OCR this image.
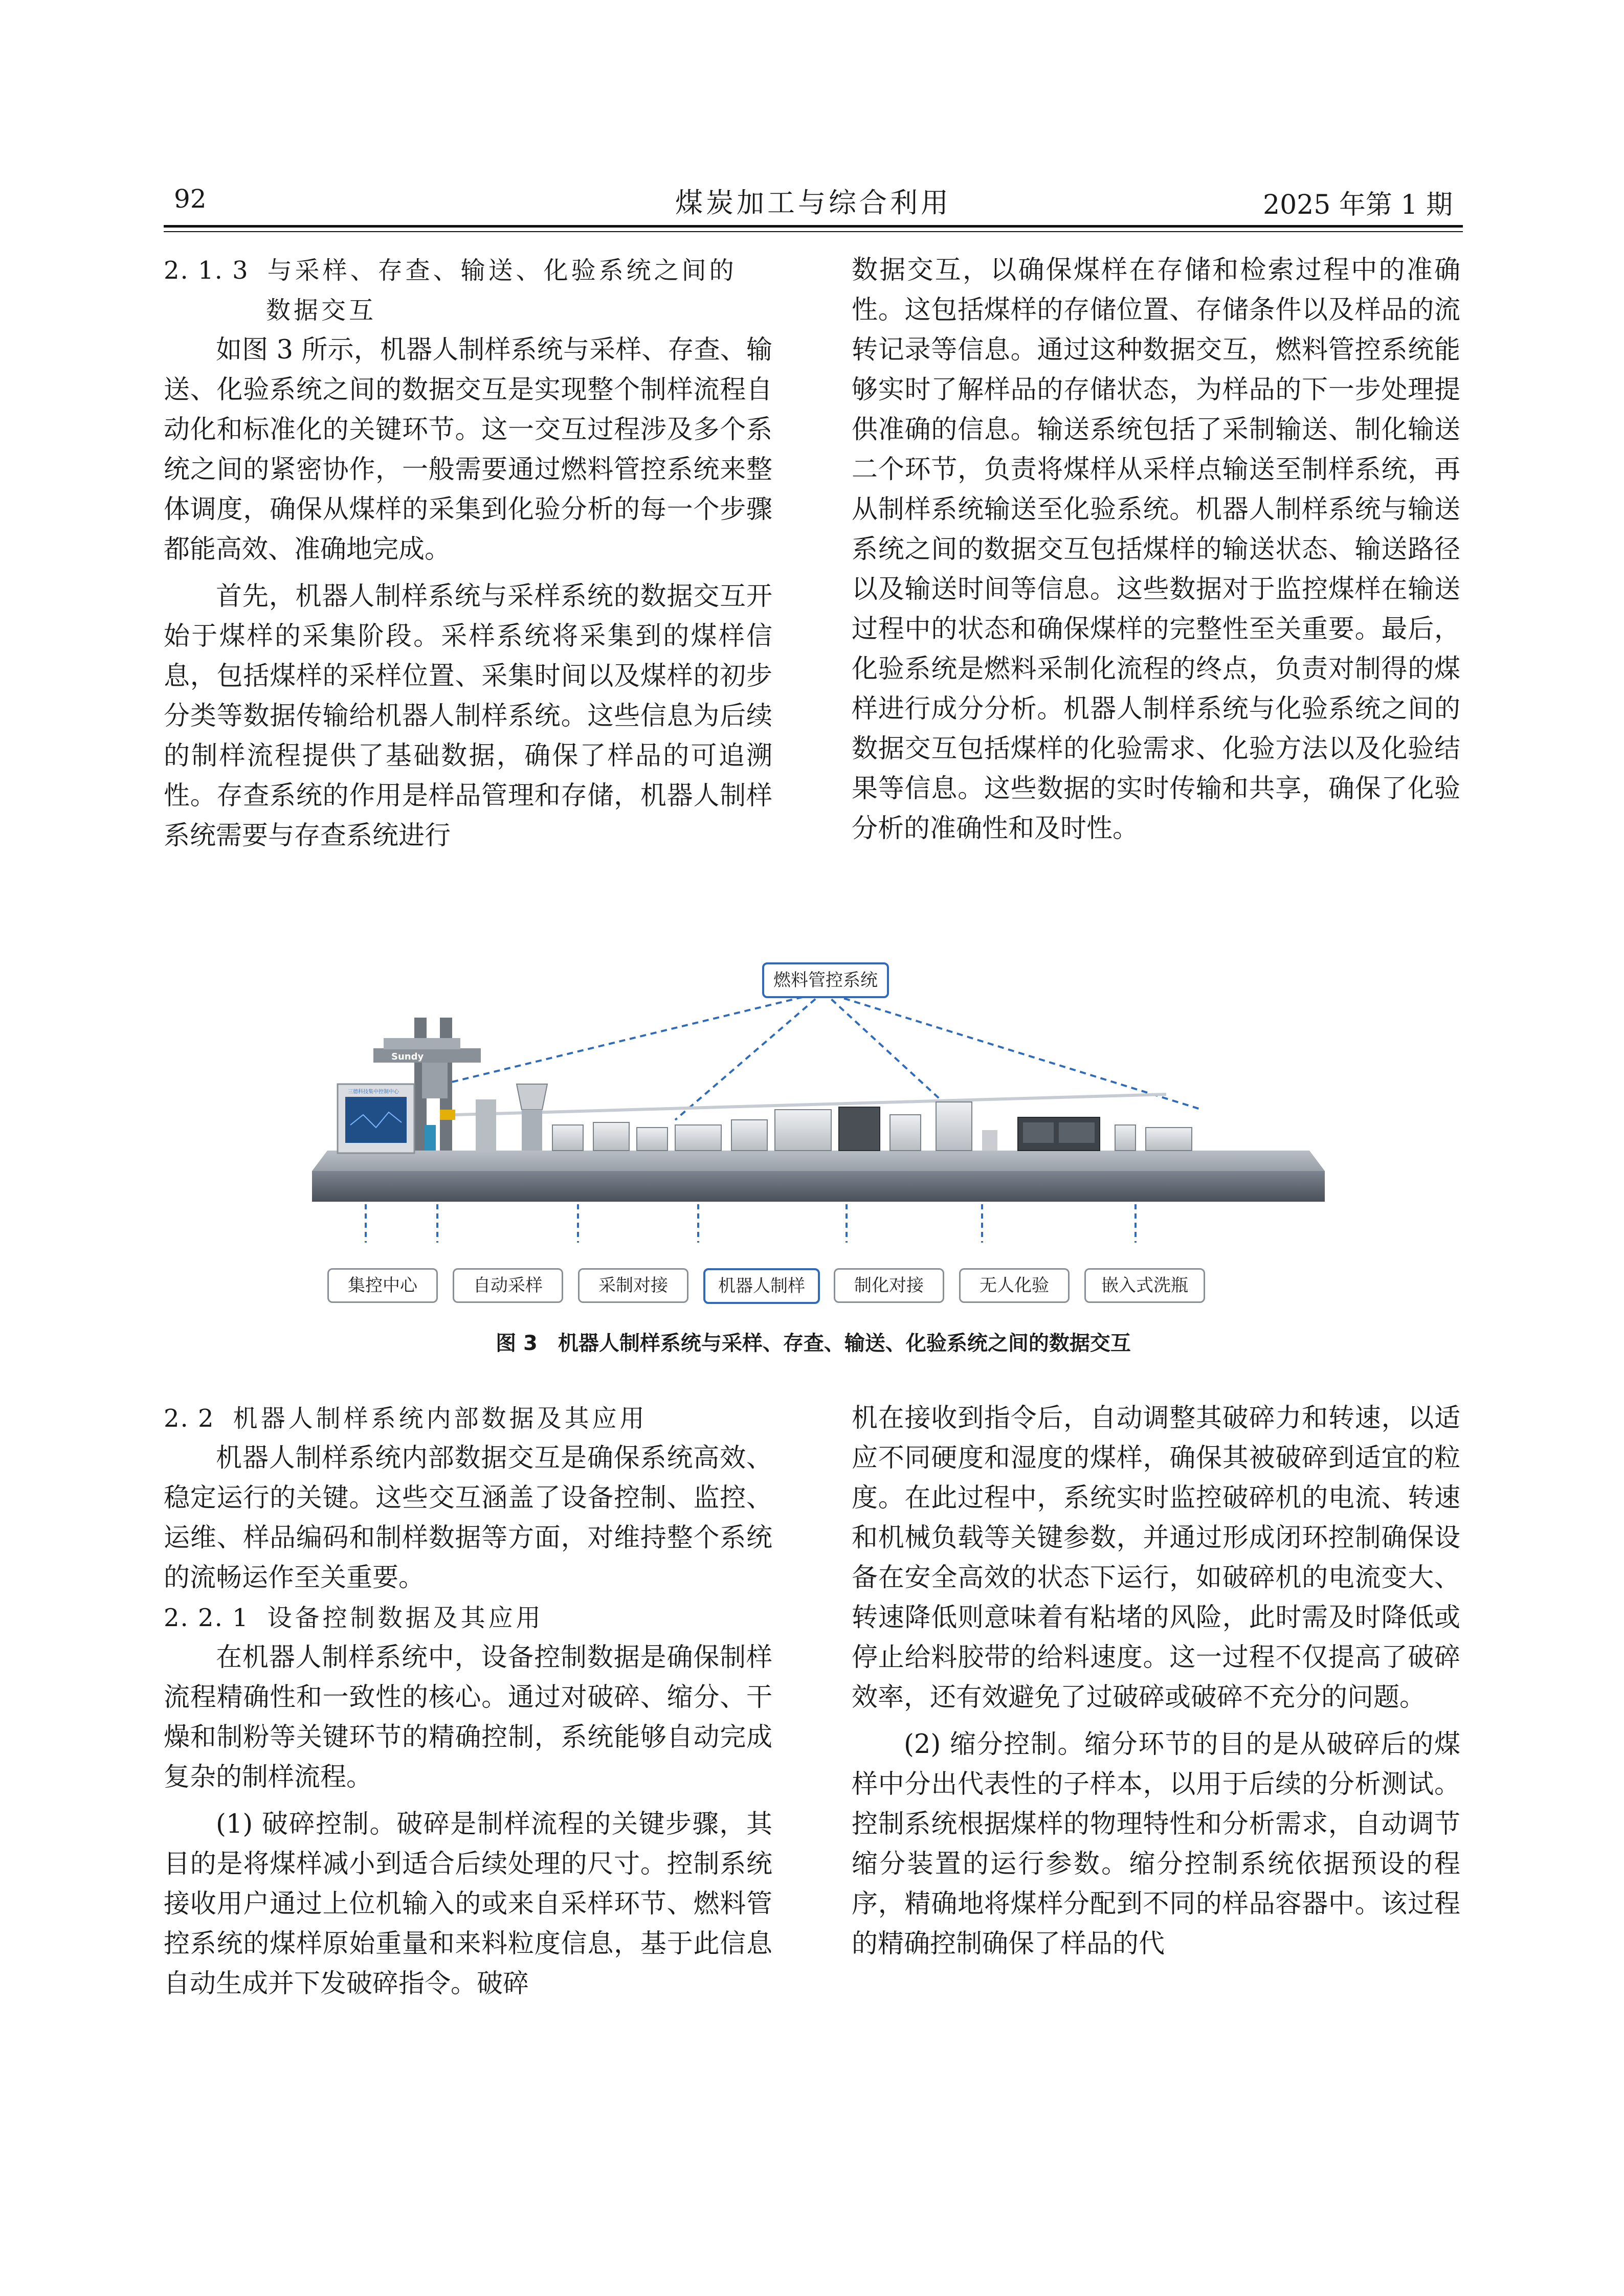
92	煤炭加工与综合利用	2025 年第 1 期
2. 1. 3 与采样、存查、输送、化验系统之间的
数据交互

如图 3 所示，机器人制样系统与采样、存查、输送、化验系统之间的数据交互是实现整个制样流程自动化和标准化的关键环节。这一交互过程涉及多个系统之间的紧密协作，一般需要通过燃料管控系统来整体调度，确保从煤样的采集到化验分析的每一个步骤都能高效、准确地完成。

首先，机器人制样系统与采样系统的数据交互开始于煤样的采集阶段。采样系统将采集到的煤样信息，包括煤样的采样位置、采集时间以及煤样的初步分类等数据传输给机器人制样系统。这些信息为后续的制样流程提供了基础数据，确保了样品的可追溯性。存查系统的作用是样品管理和存储，机器人制样系统需要与存查系统进行

数据交互，以确保煤样在存储和检索过程中的准确性。这包括煤样的存储位置、存储条件以及样品的流转记录等信息。通过这种数据交互，燃料管控系统能够实时了解样品的存储状态，为样品的下一步处理提供准确的信息。输送系统包括了采制输送、制化输送二个环节，负责将煤样从采样点输送至制样系统，再从制样系统输送至化验系统。机器人制样系统与输送系统之间的数据交互包括煤样的输送状态、输送路径以及输送时间等信息。这些数据对于监控煤样在输送过程中的状态和确保煤样的完整性至关重要。最后，化验系统是燃料采制化流程的终点，负责对制得的煤样进行成分分析。机器人制样系统与化验系统之间的数据交互包括煤样的化验需求、化验方法以及化验结果等信息。这些数据的实时传输和共享，确保了化验分析的准确性和及时性。

Sundy
三德科技集中控制中心
燃料管控系统
集控中心	自动采样	采制对接	机器人制样	制化对接	无人化验	嵌入式洗瓶
图 3　机器人制样系统与采样、存查、输送、化验系统之间的数据交互
2. 2 机器人制样系统内部数据及其应用

机器人制样系统内部数据交互是确保系统高效、稳定运行的关键。这些交互涵盖了设备控制、监控、运维、样品编码和制样数据等方面，对维持整个系统的流畅运作至关重要。

2. 2. 1 设备控制数据及其应用

在机器人制样系统中，设备控制数据是确保制样流程精确性和一致性的核心。通过对破碎、缩分、干燥和制粉等关键环节的精确控制，系统能够自动完成复杂的制样流程。

(1) 破碎控制。破碎是制样流程的关键步骤，其目的是将煤样减小到适合后续处理的尺寸。控制系统接收用户通过上位机输入的或来自采样环节、燃料管控系统的煤样原始重量和来料粒度信息，基于此信息自动生成并下发破碎指令。破碎

机在接收到指令后，自动调整其破碎力和转速，以适应不同硬度和湿度的煤样，确保其被破碎到适宜的粒度。在此过程中，系统实时监控破碎机的电流、转速和机械负载等关键参数，并通过形成闭环控制确保设备在安全高效的状态下运行，如破碎机的电流变大、转速降低则意味着有粘堵的风险，此时需及时降低或停止给料胶带的给料速度。这一过程不仅提高了破碎效率，还有效避免了过破碎或破碎不充分的问题。

(2) 缩分控制。缩分环节的目的是从破碎后的煤样中分出代表性的子样本，以用于后续的分析测试。控制系统根据煤样的物理特性和分析需求，自动调节缩分装置的运行参数。缩分控制系统依据预设的程序，精确地将煤样分配到不同的样品容器中。该过程的精确控制确保了样品的代
